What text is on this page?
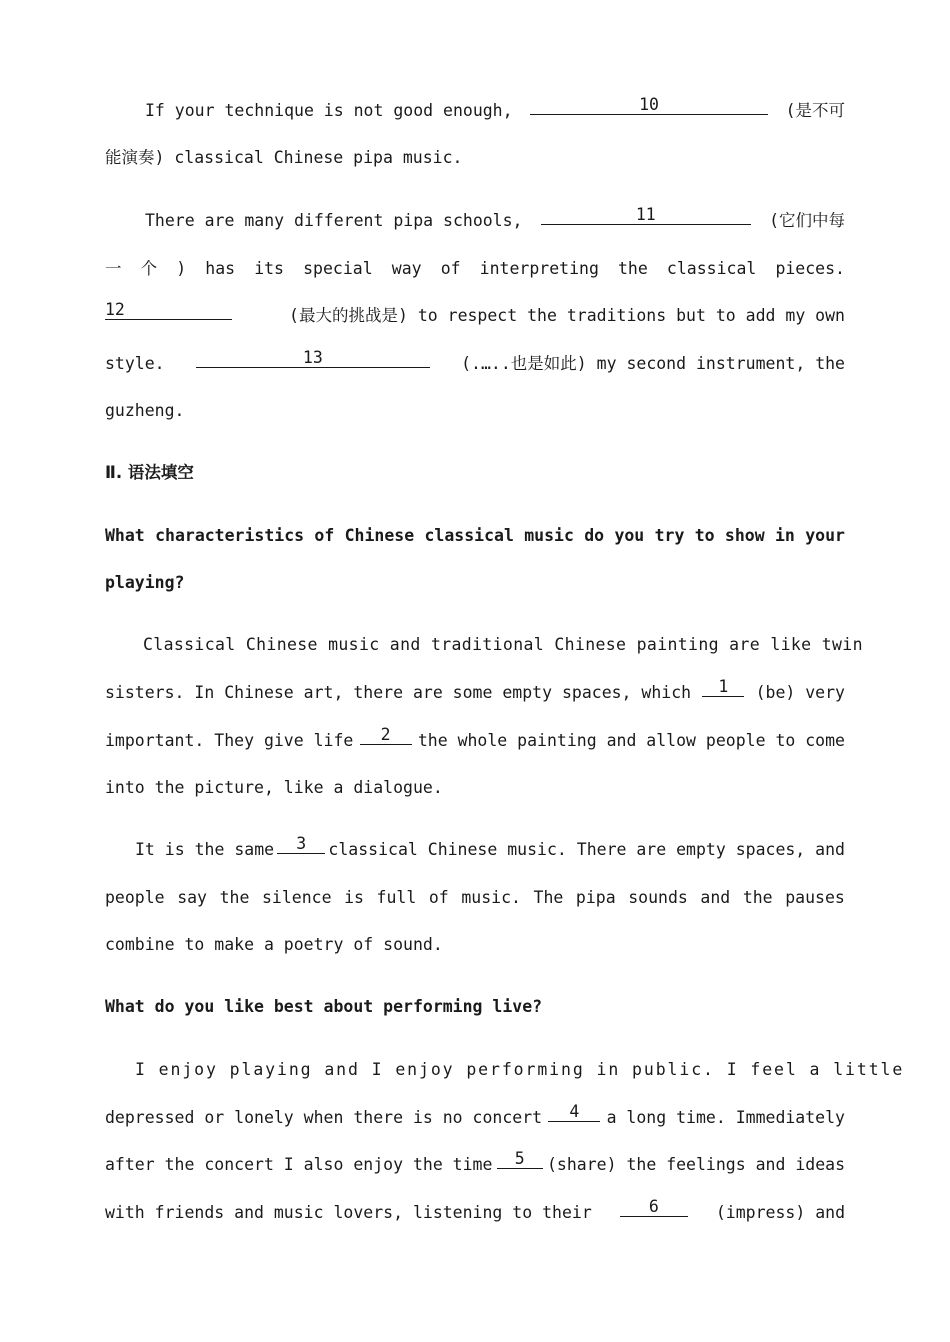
If your technique is not good enough,	10	(是不可
能演奏) classical Chinese pipa music.
There are many different pipa schools,	11	(它们中每
一 个 ) has its special way of interpreting the classical pieces.
12	(最大的挑战是) to respect the traditions but to add my own
style.	13	(.…..也是如此) my second instrument, the
guzheng.
Ⅱ. 语法填空
What characteristics of Chinese classical music do you try to show in your
playing?
Classical Chinese music and traditional Chinese painting are like twin
sisters. In Chinese art, there are some empty spaces, which	1	(be) very
important. They give life	2	the whole painting and allow people to come
into the picture, like a dialogue.
It is the same	3	classical Chinese music. There are empty spaces, and
people say the silence is full of music. The pipa sounds and the pauses
combine to make a poetry of sound.
What do you like best about performing live?
I enjoy playing and I enjoy performing in public. I feel a little
depressed or lonely when there is no concert	4	a long time. Immediately
after the concert I also enjoy the time	5	(share) the feelings and ideas
with friends and music lovers, listening to their	6	(impress) and
